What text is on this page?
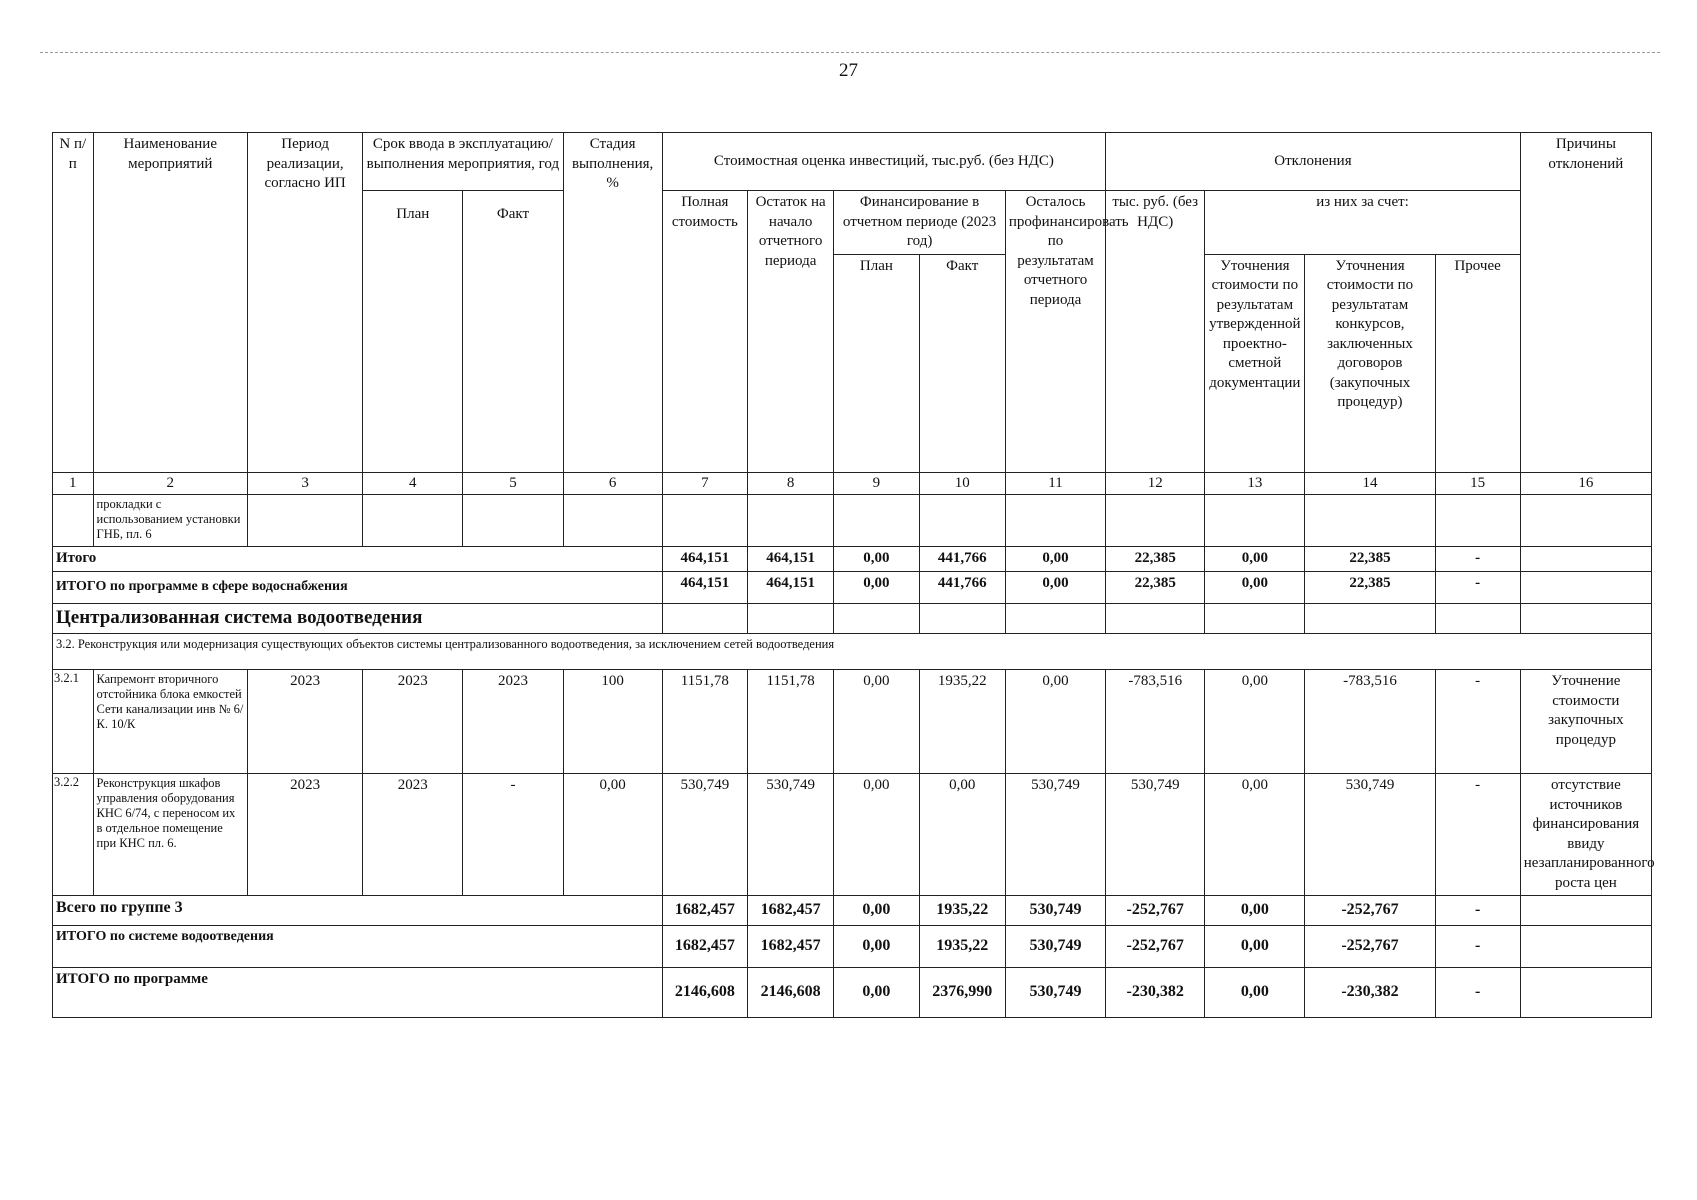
27
N п/п	Наименование мероприятий	Период реализации, согласно ИП	Срок ввода в эксплуатацию/выполнения мероприятия, год		Стадия выполнения, %	Стоимостная оценка инвестиций, тыс.руб. (без НДС)					Отклонения				Причины отклонений
			План	Факт		Полная стоимость	Остаток на начало отчетного периода	Финансирование в отчетном периоде (2023 год)		Осталось профинансировать по результатам отчетного периода	тыс. руб. (без НДС)	из них за счет:			
								План	Факт			Уточнения стоимости по результатам утвержденной проектно-сметной документации	Уточнения стоимости по результатам конкурсов, заключенных договоров (закупочных процедур)	Прочее	
1	2	3	4	5	6	7	8	9	10	11	12	13	14	15	16
	прокладки с использованием установки ГНБ, пл. 6														
Итого						464,151	464,151	0,00	441,766	0,00	22,385	0,00	22,385	-	
ИТОГО по программе в сфере водоснабжения						464,151	464,151	0,00	441,766	0,00	22,385	0,00	22,385	-	
Централизованная система водоотведения															
3.2. Реконструкция или модернизация существующих объектов системы централизованного водоотведения, за исключением сетей водоотведения															
3.2.1	Капремонт вторичного отстойника блока емкостей Сети канализации инв № 6/К. 10/К	2023	2023	2023	100	1151,78	1151,78	0,00	1935,22	0,00	-783,516	0,00	-783,516	-	Уточнение стоимости закупочных процедур
3.2.2	Реконструкция шкафов управления оборудования КНС 6/74, с переносом их в отдельное помещение при КНС пл. 6.	2023	2023	-	0,00	530,749	530,749	0,00	0,00	530,749	530,749	0,00	530,749	-	отсутствие источников финансирования ввиду незапланированного роста цен
Всего по группе 3						1682,457	1682,457	0,00	1935,22	530,749	-252,767	0,00	-252,767	-	
ИТОГО по системе водоотведения						1682,457	1682,457	0,00	1935,22	530,749	-252,767	0,00	-252,767	-	
ИТОГО по программе						2146,608	2146,608	0,00	2376,990	530,749	-230,382	0,00	-230,382	-	
